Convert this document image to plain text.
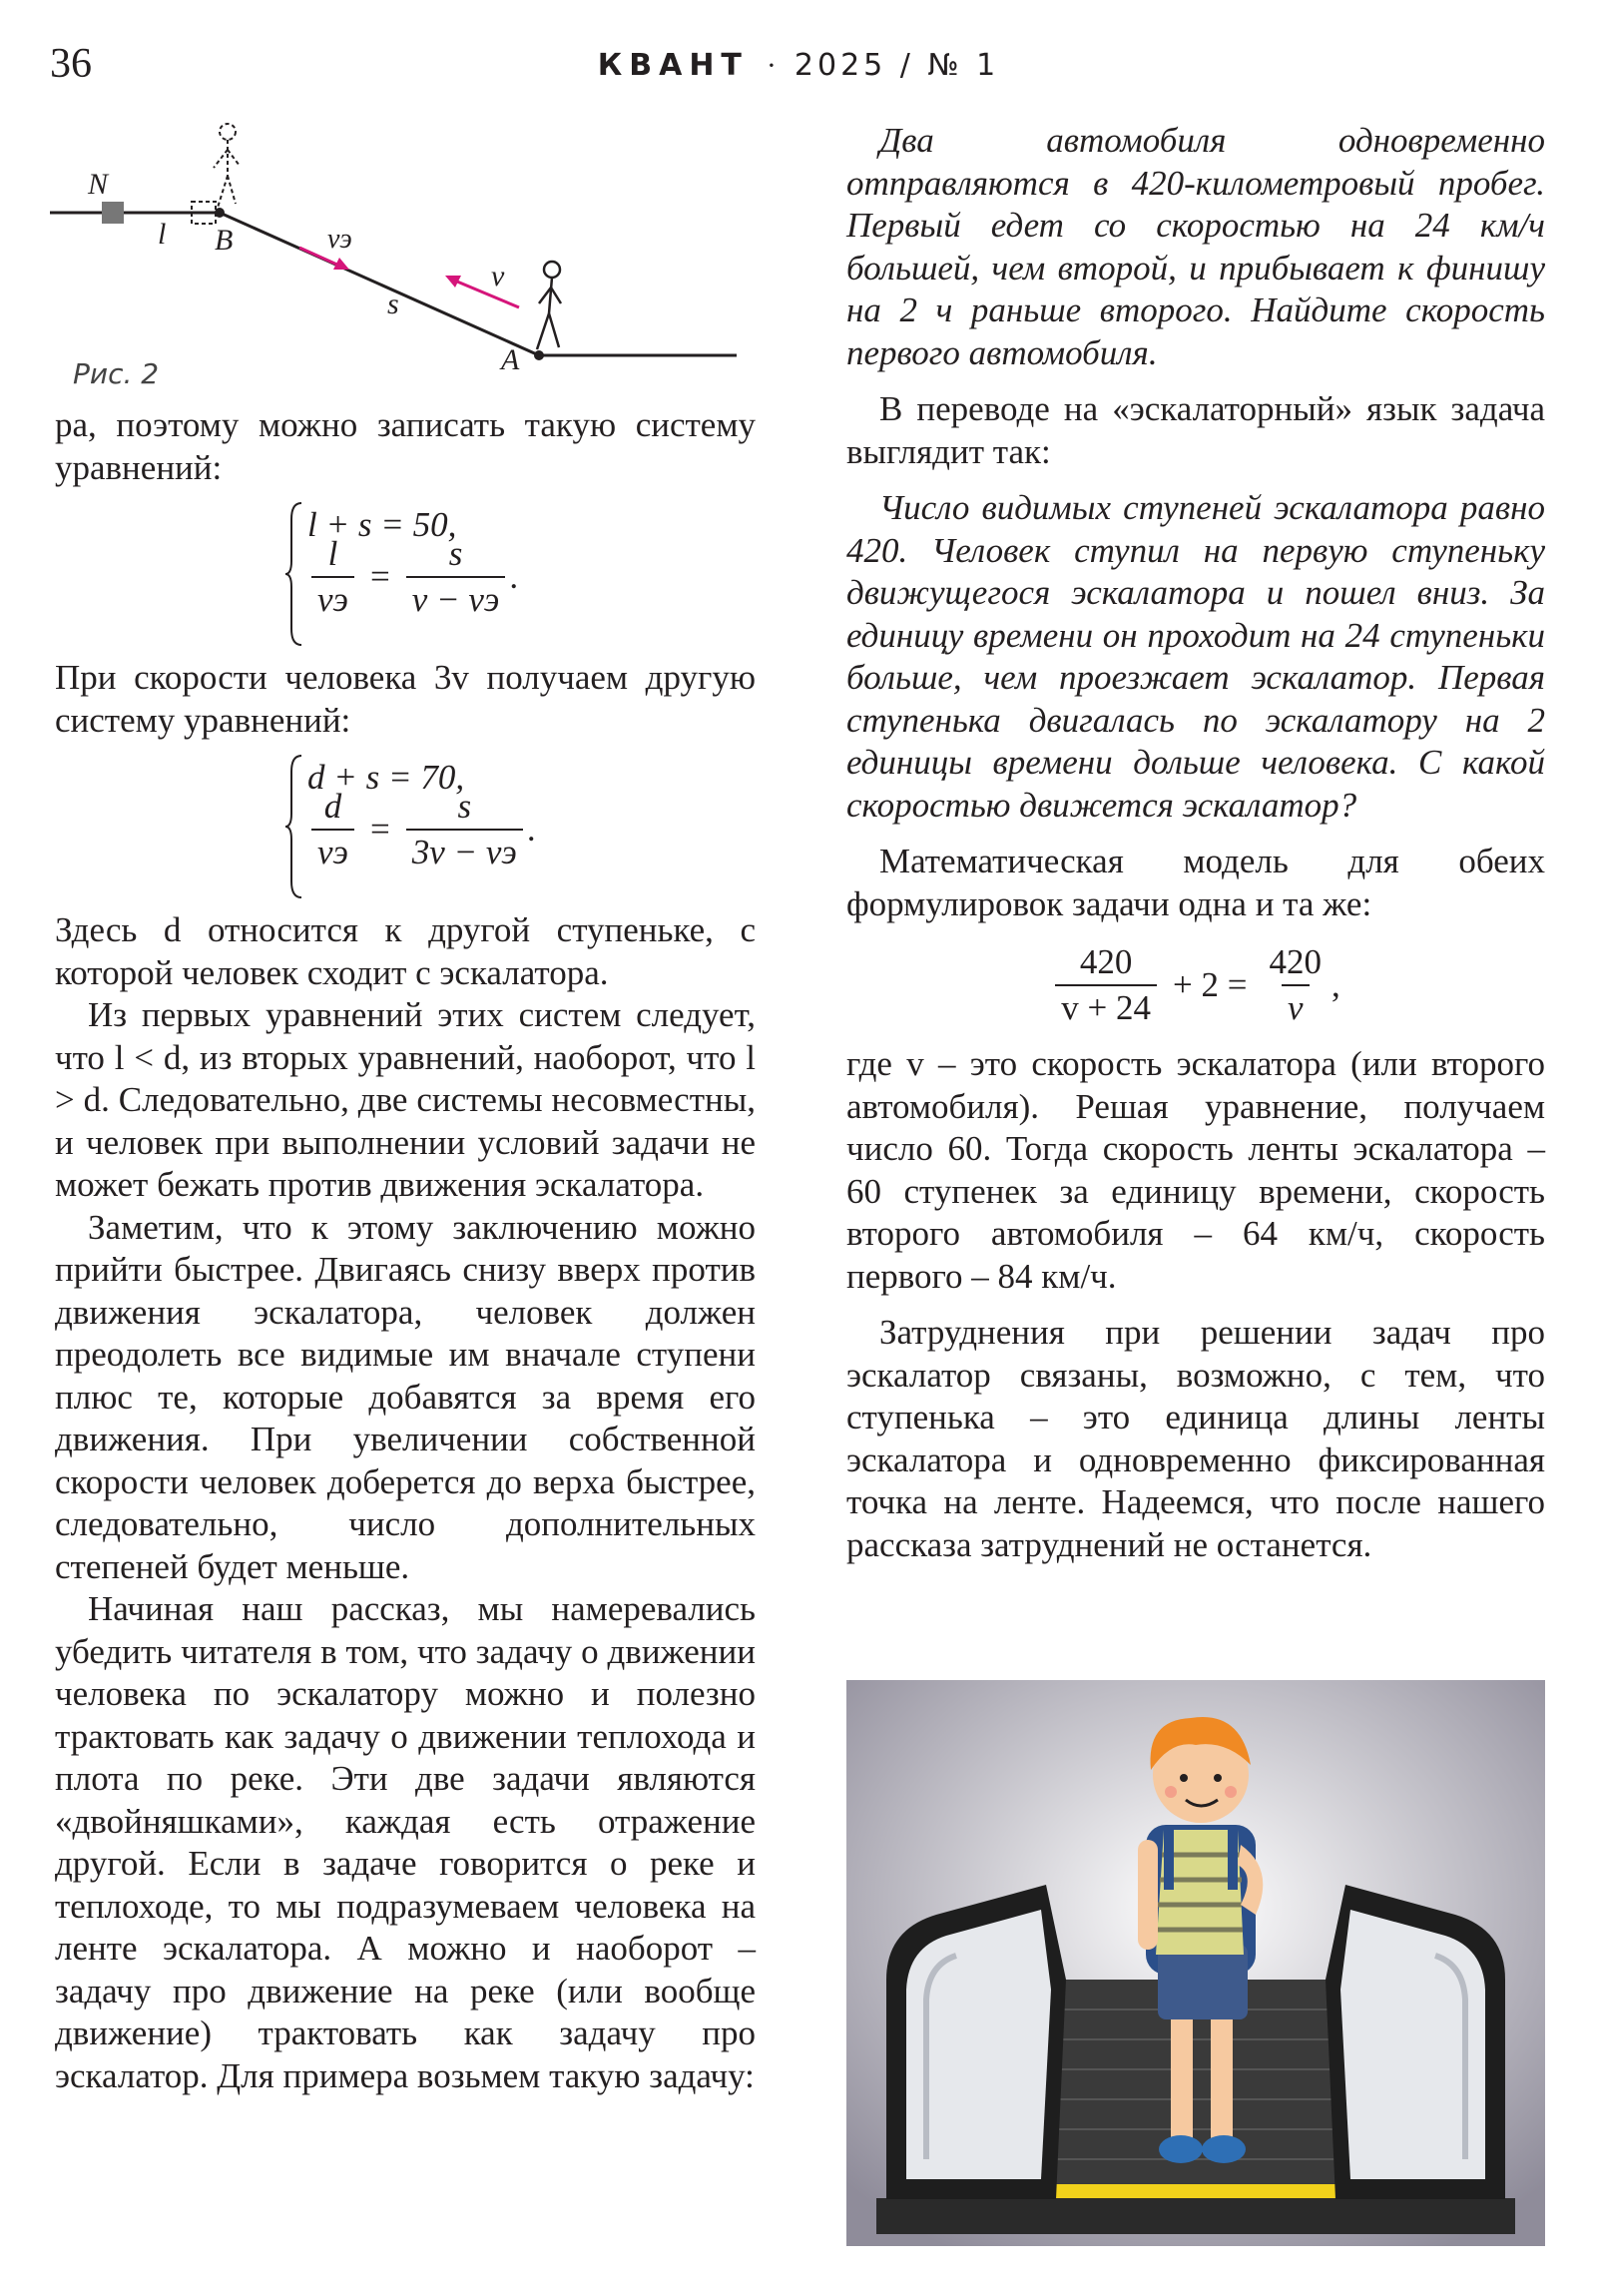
36	КВАНТ · 2025 / № 1
N
l B	vэ
v
s
A
Рис. 2

ра, поэтому можно записать такую систему уравнений:

l + s = 50,
$\frac{l}{vэ} = \frac{s}{v - vэ}$ .

При скорости человека 3v получаем другую систему уравнений:

d + s = 70,
$\frac{d}{vэ} = \frac{s}{3v - vэ}$ .

Здесь d относится к другой ступеньке, с которой человек сходит с эскалатора.

Из первых уравнений этих систем следует, что l < d, из вторых уравнений, наоборот, что l > d. Следовательно, две системы несовместны, и человек при выполнении условий задачи не может бежать против движения эскалатора.

Заметим, что к этому заключению можно прийти быстрее. Двигаясь снизу вверх против движения эскалатора, человек должен преодолеть все видимые им вначале ступени плюс те, которые добавятся за время его движения. При увеличении собственной скорости человек доберется до верха быстрее, следовательно, число дополнительных степеней будет меньше.

Начиная наш рассказ, мы намеревались убедить читателя в том, что задачу о движении человека по эскалатору можно и полезно трактовать как задачу о движении теплохода и плота по реке. Эти две задачи являются «двойняшками», каждая есть отражение другой. Если в задаче говорится о реке и теплоходе, то мы подразумеваем человека на ленте эскалатора. А можно и наоборот – задачу про движение на реке (или вообще движение) трактовать как задачу про эскалатор. Для примера возьмем такую задачу:

Два автомобиля одновременно отправляются в 420-километровый пробег. Первый едет со скоростью на 24 км/ч большей, чем второй, и прибывает к финишу на 2 ч раньше второго. Найдите скорость первого автомобиля.

В переводе на «эскалаторный» язык задача выглядит так:

Число видимых ступеней эскалатора равно 420. Человек ступил на первую ступеньку движущегося эскалатора и пошел вниз. За единицу времени он проходит на 24 ступеньки больше, чем проезжает эскалатор. Первая ступенька двигалась по эскалатору на 2 единицы времени дольше человека. С какой скоростью движется эскалатор?

Математическая модель для обеих формулировок задачи одна и та же:

$\frac{420}{v + 24} + 2 = \frac{420}{v}$ ,

где v – это скорость эскалатора (или второго автомобиля). Решая уравнение, получаем число 60. Тогда скорость ленты эскалатора – 60 ступенек за единицу времени, скорость второго автомобиля – 64 км/ч, скорость первого – 84 км/ч.

Затруднения при решении задач про эскалатор связаны, возможно, с тем, что ступенька – это единица длины ленты эскалатора и одновременно фиксированная точка на ленте. Надеемся, что после нашего рассказа затруднений не останется.
